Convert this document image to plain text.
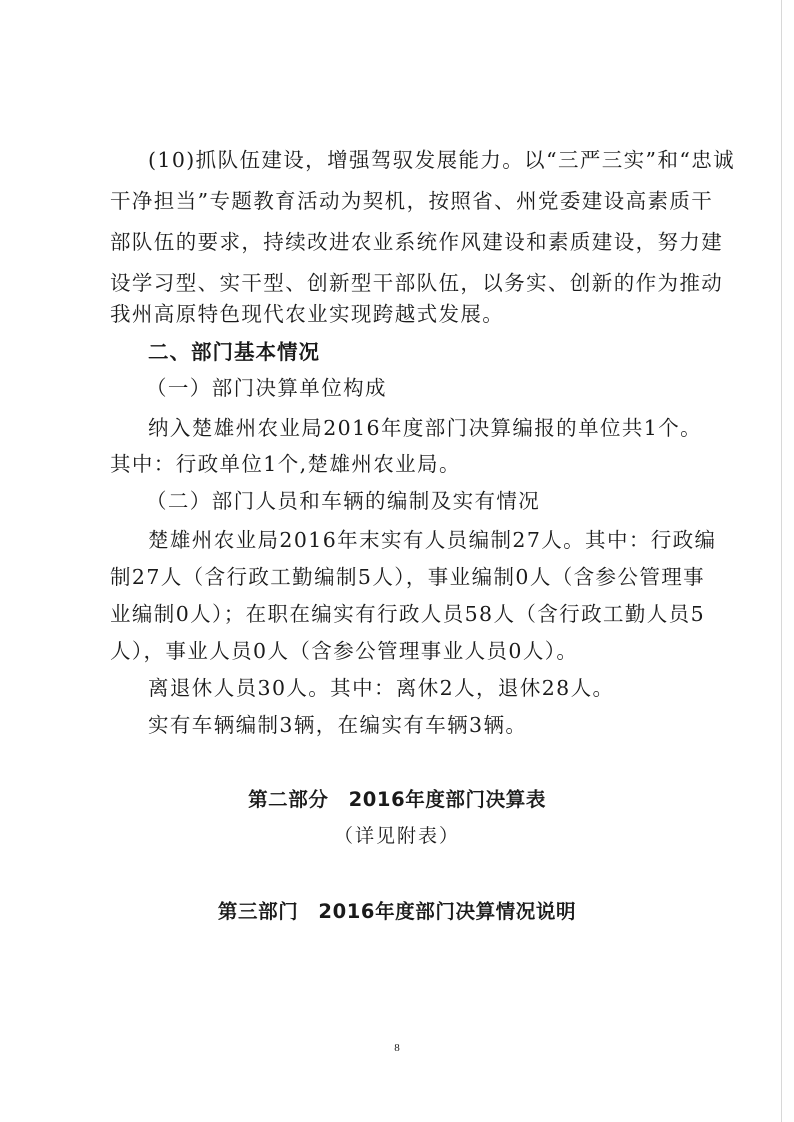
(10)抓队伍建设，增强驾驭发展能力。以“三严三实”和“忠诚
干净担当”专题教育活动为契机，按照省、州党委建设高素质干
部队伍的要求，持续改进农业系统作风建设和素质建设，努力建
设学习型、实干型、创新型干部队伍，以务实、创新的作为推动
我州高原特色现代农业实现跨越式发展。
二、部门基本情况
（一）部门决算单位构成
纳入楚雄州农业局2016年度部门决算编报的单位共1个。
其中：行政单位1个,楚雄州农业局。
（二）部门人员和车辆的编制及实有情况
楚雄州农业局2016年末实有人员编制27人。其中：行政编
制27人（含行政工勤编制5人），事业编制0人（含参公管理事
业编制0人）；在职在编实有行政人员58人（含行政工勤人员5
人），事业人员0人（含参公管理事业人员0人）。
离退休人员30人。其中：离休2人，退休28人。
实有车辆编制3辆，在编实有车辆3辆。
第二部分　2016年度部门决算表
（详见附表）
第三部门　2016年度部门决算情况说明
8
